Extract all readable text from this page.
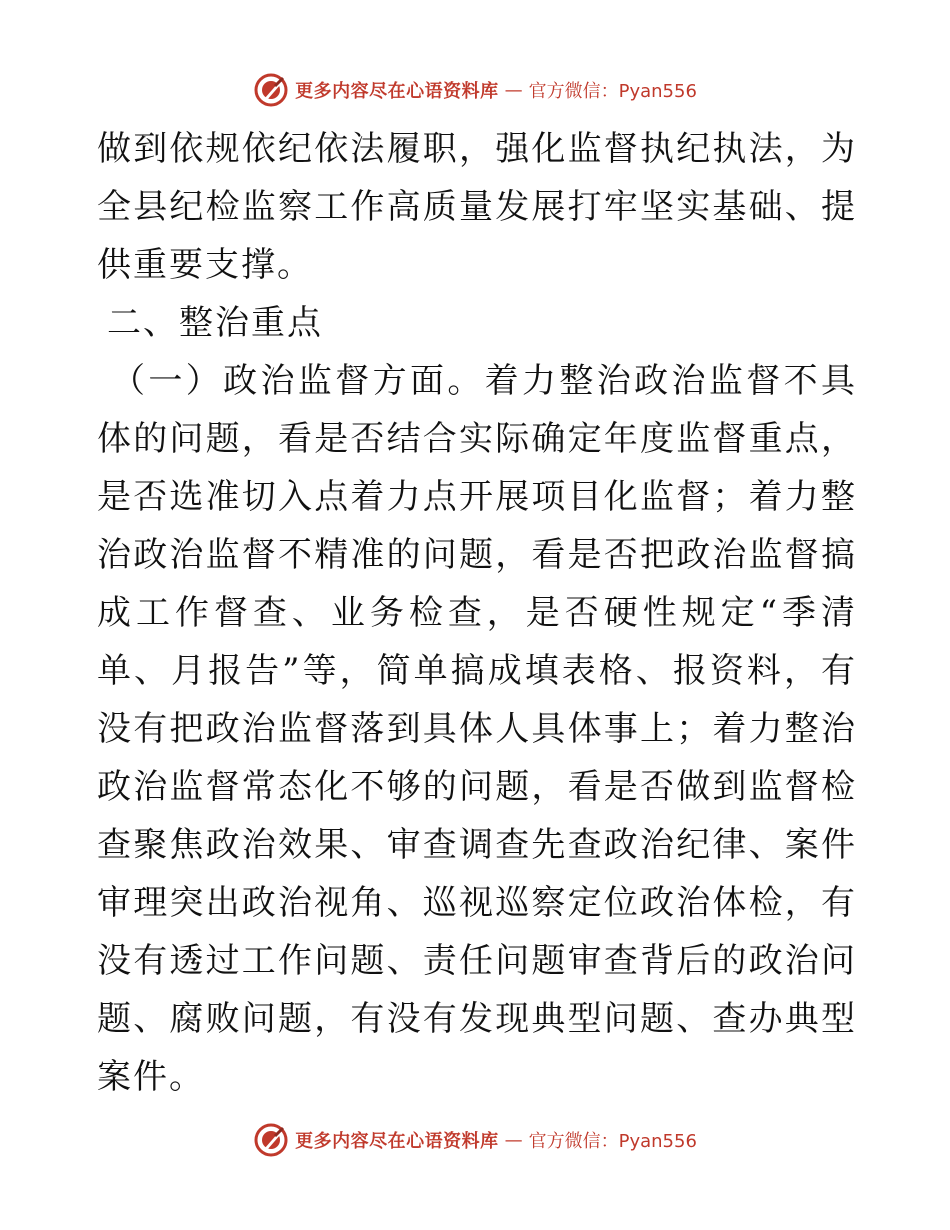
更多内容尽在心语资料库 — 官方微信：Pyan556

做到依规依纪依法履职，强化监督执纪执法，为全县纪检监察工作高质量发展打牢坚实基础、提供重要支撑。

二、整治重点

（一）政治监督方面。着力整治政治监督不具体的问题，看是否结合实际确定年度监督重点，是否选准切入点着力点开展项目化监督；着力整治政治监督不精准的问题，看是否把政治监督搞成工作督查、业务检查，是否硬性规定“季清单、月报告”等，简单搞成填表格、报资料，有没有把政治监督落到具体人具体事上；着力整治政治监督常态化不够的问题，看是否做到监督检查聚焦政治效果、审查调查先查政治纪律、案件审理突出政治视角、巡视巡察定位政治体检，有没有透过工作问题、责任问题审查背后的政治问题、腐败问题，有没有发现典型问题、查办典型案件。

更多内容尽在心语资料库 — 官方微信：Pyan556
